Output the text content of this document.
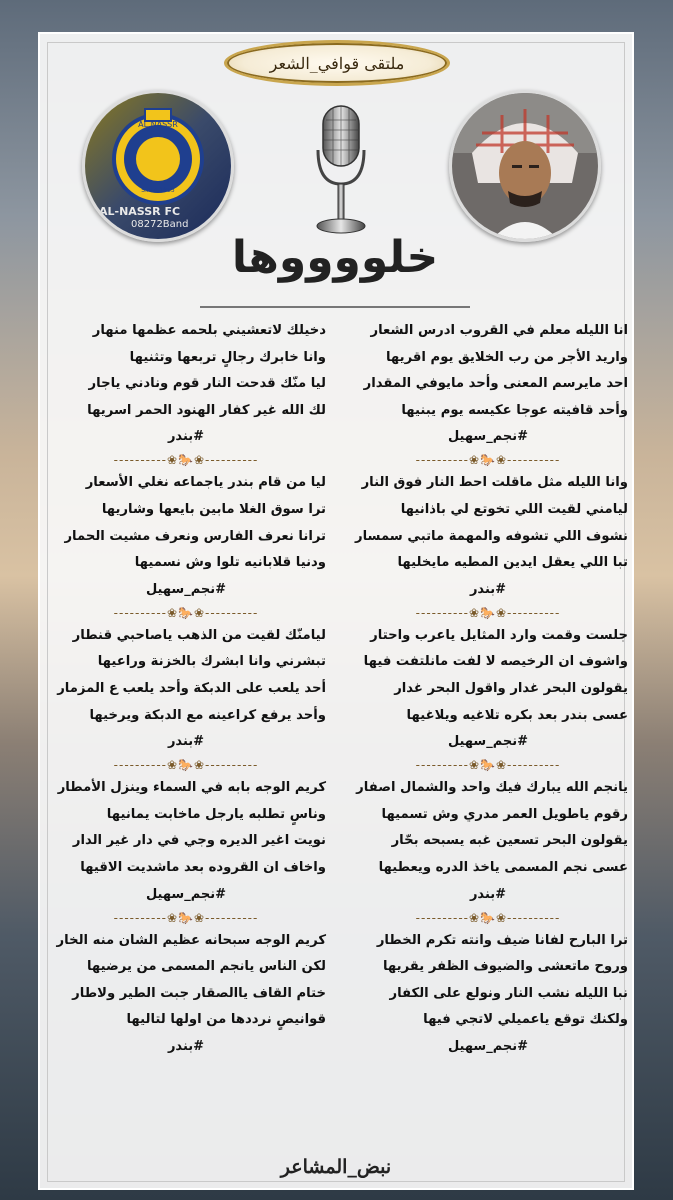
ملتقى قوافي_الشعر
AL NASSR
Since 1955
AL-NASSR FC
08272Band
خلووووها
انا الليله معلم في القروب ادرس الشعار
واريد الأجر من رب الخلايق يوم اقريها
احد مايرسم المعنى وأحد مايوفي المقدار
وأحد قافيته عوجا عكيسه يوم يبنيها
#نجم_سهيل
----------❀🐎❀----------
وانا الليله مثل ماقلت احط النار فوق النار
ليامني لقيت اللي تخوتع لي باذانيها
نشوف اللي تشوفه والمهمة ماتبي سمسار
تبا اللي يعقل ايدين المطيه مايخليها
#بندر
----------❀🐎❀----------
جلست وقمت وارد المثايل ياعرب واحتار
واشوف ان الرخيصه لا لفت مانلتفت فيها
يقولون البحر غدار واقول البحر غدار
عسى بندر بعد بكره تلاغيه ويلاغيها
#نجم_سهيل
----------❀🐎❀----------
يانجم الله يبارك فيك واحد والشمال اصفار
رقوم ياطويل العمر مدري وش تسميها
يقولون البحر تسعين غبه يسبحه بحّار
عسى نجم المسمى ياخذ الدره ويعطيها
#بندر
----------❀🐎❀----------
ترا البارح لفانا ضيف وانته تكرم الخطار
وروح ماتعشى والضيوف الظفر يقريها
نبا الليله نشب النار ونولع على الكفار
ولكنك توقع ياعميلي لاتجي فيها
#نجم_سهيل
دخيلك لاتعشيني بلحمه عظمها منهار
وانا خابرك رجالٍ تربعها وتثنيها
ليا منّك قدحت النار قوم ونادني ياجار
لك الله غير كفار الهنود الحمر اسريها
#بندر
----------❀🐎❀----------
ليا من قام بندر ياجماعه نغلي الأسعار
ترا سوق الغلا مابين بايعها وشاريها
ترانا نعرف الفارس ونعرف مشيت الحمار
ودنيا قلابانيه تلوا وش نسميها
#نجم_سهيل
----------❀🐎❀----------
ليامنّك لقيت من الذهب ياصاحبي قنطار
تبشرني وانا ابشرك بالخزنة وراعيها
أحد يلعب على الدبكة وأحد يلعب ع المزمار
وأحد يرفع كراعينه مع الدبكة ويرخيها
#بندر
----------❀🐎❀----------
كريم الوجه بابه في السماء وينزل الأمطار
وناسٍ تطلبه يارجل ماخابت يمانيها
نويت اغير الديره وجي في دار غير الدار
واخاف ان القروده بعد ماشديت الاقيها
#نجم_سهيل
----------❀🐎❀----------
كريم الوجه سبحانه عظيم الشان منه الخار
لكن الناس يانجم المسمى من يرضيها
ختام القاف ياالصقار جبت الطير ولاطار
قوانيصٍ نرددها من اولها لتاليها
#بندر
نبض_المشاعر
